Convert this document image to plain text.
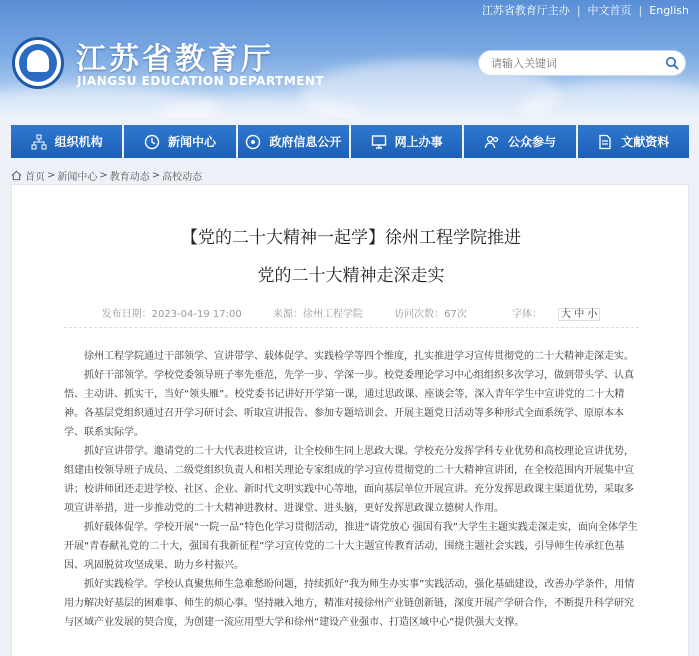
江苏省教育厅主办 | 中文首页 | English
江苏省教育厅
JIANGSU EDUCATION DEPARTMENT
请输入关键词
组织机构	新闻中心	政府信息公开	网上办事	公众参与	文献资料
首页 > 新闻中心 > 教育动态 > 高校动态
【党的二十大精神一起学】徐州工程学院推进
党的二十大精神走深走实
发布日期：2023-04-19 17:00	来源：徐州工程学院	访问次数：67次	字体： 大 中 小

徐州工程学院通过干部领学、宣讲带学、载体促学、实践检学等四个维度，扎实推进学习宣传贯彻党的二十大精神走深走实。

抓好干部领学。学校党委领导班子率先垂范，先学一步、学深一步。校党委理论学习中心组组织多次学习，做到带头学、认真悟、主动讲、抓实干，当好“领头雁”。校党委书记讲好开学第一课，通过思政课、座谈会等，深入青年学生中宣讲党的二十大精神。各基层党组织通过召开学习研讨会、听取宣讲报告、参加专题培训会、开展主题党日活动等多种形式全面系统学、原原本本学、联系实际学。

抓好宣讲带学。邀请党的二十大代表进校宣讲，让全校师生同上思政大课。学校充分发挥学科专业优势和高校理论宣讲优势，组建由校领导班子成员、二级党组织负责人和相关理论专家组成的学习宣传贯彻党的二十大精神宣讲团，在全校范围内开展集中宣讲；校讲师团还走进学校、社区、企业、新时代文明实践中心等地，面向基层单位开展宣讲。充分发挥思政课主渠道优势，采取多项宣讲举措，进一步推动党的二十大精神进教材、进课堂、进头脑，更好发挥思政课立德树人作用。

抓好载体促学。学校开展“一院一品”特色化学习贯彻活动，推进“请党放心 强国有我”大学生主题实践走深走实，面向全体学生开展“青春献礼党的二十大，强国有我新征程”学习宣传党的二十大主题宣传教育活动，围绕主题社会实践，引导师生传承红色基因、巩固脱贫攻坚成果、助力乡村振兴。

抓好实践检学。学校认真聚焦师生急难愁盼问题，持续抓好“我为师生办实事”实践活动，强化基础建设，改善办学条件，用情用力解决好基层的困难事、师生的烦心事。坚持融入地方，精准对接徐州产业链创新链，深度开展产学研合作，不断提升科学研究与区域产业发展的契合度，为创建一流应用型大学和徐州“建设产业强市、打造区域中心”提供强大支撑。
